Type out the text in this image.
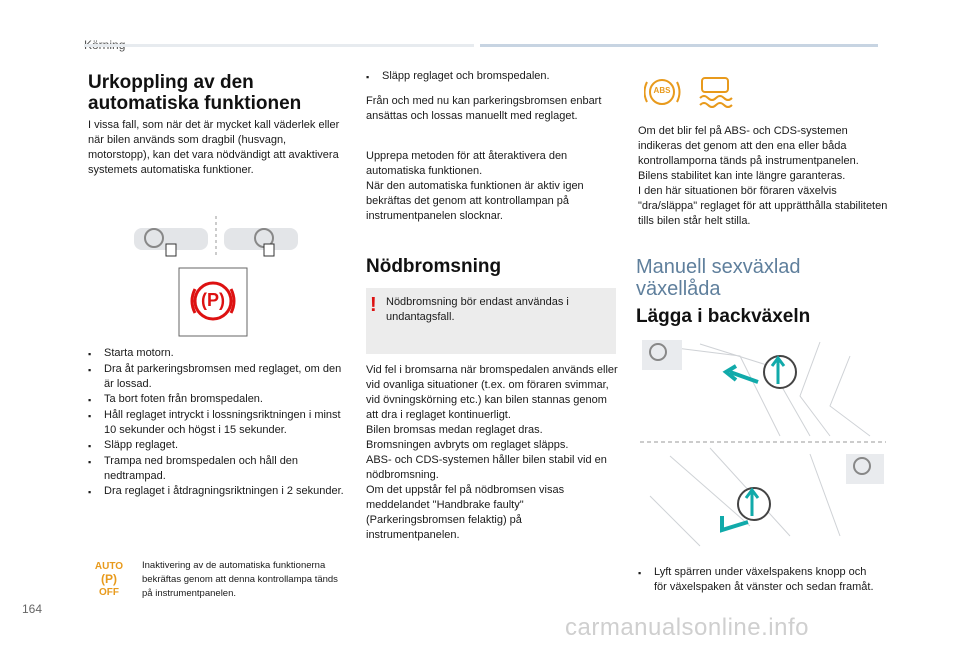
Urkoppling av den
automatiska funktionen
I vissa fall, som när det är mycket kall väderlek eller när bilen används som dragbil (husvagn, motorstopp), kan det vara nödvändigt att avaktivera systemets automatiska funktioner.
(P)
▪	Starta motorn.
▪	Dra åt parkeringsbromsen med reglaget, om den är lossad.
▪	Ta bort foten från bromspedalen.
▪	Håll reglaget intryckt i lossningsriktningen i minst 10 sekunder och högst i 15 sekunder.
▪	Släpp reglaget.
▪	Trampa ned bromspedalen och håll den nedtrampad.
▪	Dra reglaget i åtdragningsriktningen i 2 sekunder.
AUTO
(P)
OFF
Inaktivering av de automatiska funktionerna bekräftas genom att denna kontrollampa tänds på instrumentpanelen.
▪	Släpp reglaget och bromspedalen.
Från och med nu kan parkeringsbromsen enbart ansättas och lossas manuellt med reglaget.
Upprepa metoden för att återaktivera den automatiska funktionen.
När den automatiska funktionen är aktiv igen bekräftas det genom att kontrollampan på instrumentpanelen slocknar.
Nödbromsning
! Nödbromsning bör endast användas i undantagsfall.
Vid fel i bromsarna när bromspedalen används eller vid ovanliga situationer (t.ex. om föraren svimmar, vid övningskörning etc.) kan bilen stannas genom att dra i reglaget kontinuerligt.
Bilen bromsas medan reglaget dras.
Bromsningen avbryts om reglaget släpps.
ABS- och CDS-systemen håller bilen stabil vid en nödbromsning.
Om det uppstår fel på nödbromsen visas meddelandet "Handbrake faulty" (Parkeringsbromsen felaktig) på instrumentpanelen.
ABS
Om det blir fel på ABS- och CDS-systemen indikeras det genom att den ena eller båda kontrollamporna tänds på instrumentpanelen.
Bilens stabilitet kan inte längre garanteras.
I den här situationen bör föraren växelvis "dra/släppa" reglaget för att upprätthålla stabiliteten tills bilen står helt stilla.
Manuell sexväxlad
växellåda
Lägga i backväxeln
▪	Lyft spärren under växelspakens knopp och för växelspaken åt vänster och sedan framåt.
164
carmanualsonline.info
